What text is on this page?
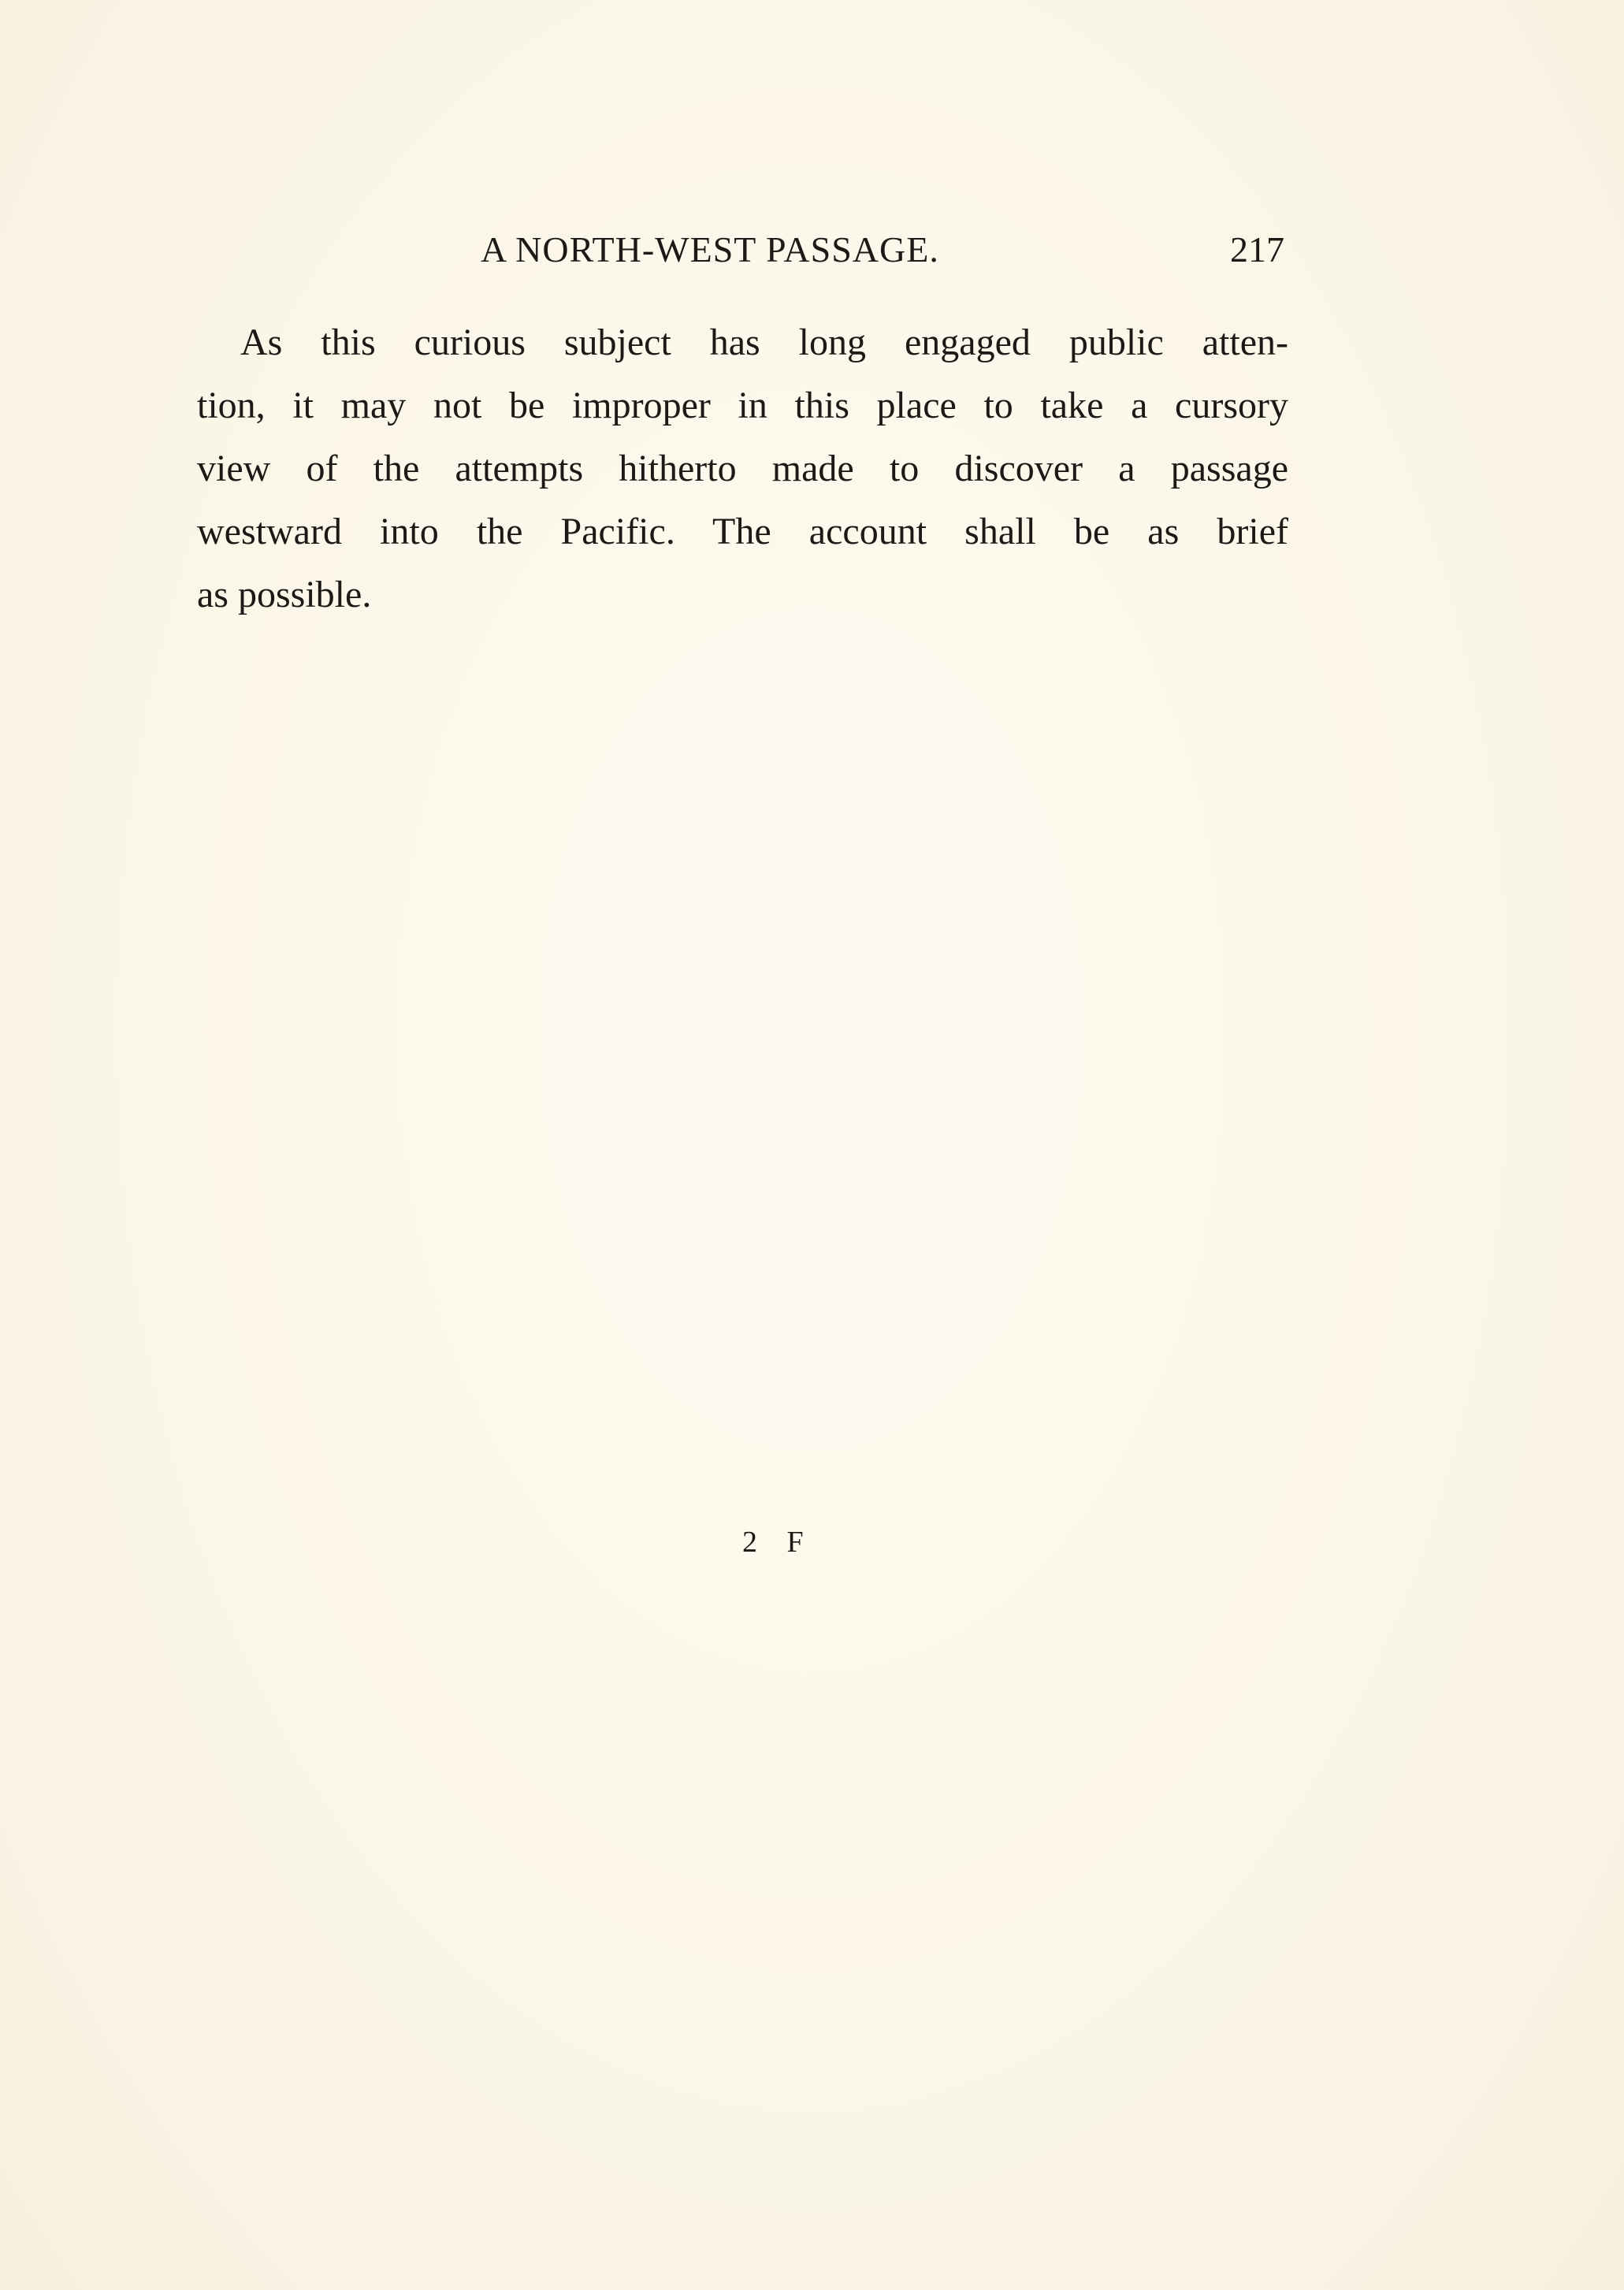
A NORTH-WEST PASSAGE.	217
As this curious subject has long engaged public atten-
tion, it may not be improper in this place to take a cursory
view of the attempts hitherto made to discover a passage
westward into the Pacific. The account shall be as brief
as possible.
2 F
